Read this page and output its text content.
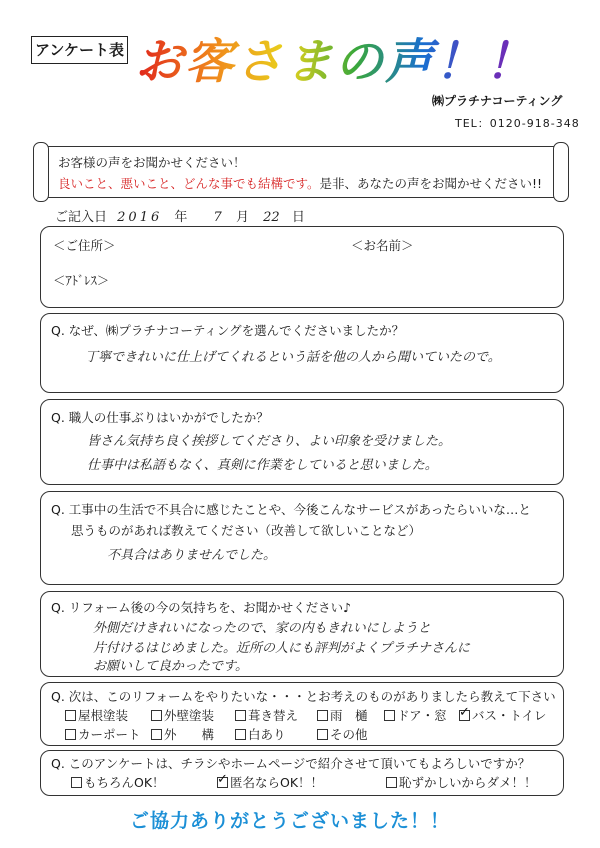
アンケート表 お客さまの声！！
㈱プラチナコーティング
TEL：0120-918-348
お客様の声をお聞かせください！
良いこと、悪いこと、どんな事でも結構です。是非、あなたの声をお聞かせください!!
ご記入日 2016 年 7 月 22 日
＜ご住所＞	＜お名前＞
＜ｱﾄﾞﾚｽ＞
Q. なぜ、㈱プラチナコーティングを選んでくださいましたか？
丁寧できれいに仕上げてくれるという話を他の人から聞いていたので。
Q. 職人の仕事ぶりはいかがでしたか？
皆さん気持ち良く挨拶してくださり、よい印象を受けました。
仕事中は私語もなく、真剣に作業をしていると思いました。
Q. 工事中の生活で不具合に感じたことや、今後こんなサービスがあったらいいな…と
思うものがあれば教えてください（改善して欲しいことなど）
不具合はありませんでした。
Q. リフォーム後の今の気持ちを、お聞かせください♪
外側だけきれいになったので、家の内もきれいにしようと
片付けるはじめました。近所の人にも評判がよくプラチナさんに
お願いして良かったです。
Q. 次は、このリフォームをやりたいな・・・とお考えのものがありましたら教えて下さい
屋根塗装	外壁塗装	葺き替え	雨　樋	ドア・窓 ✓ バス・トイレ
カーポート	外　　構	白あり	その他
Q. このアンケートは、チラシやホームページで紹介させて頂いてもよろしいですか？
もちろんOK！	✓ 匿名ならOK！！	恥ずかしいからダメ！！
ご協力ありがとうございました！！
